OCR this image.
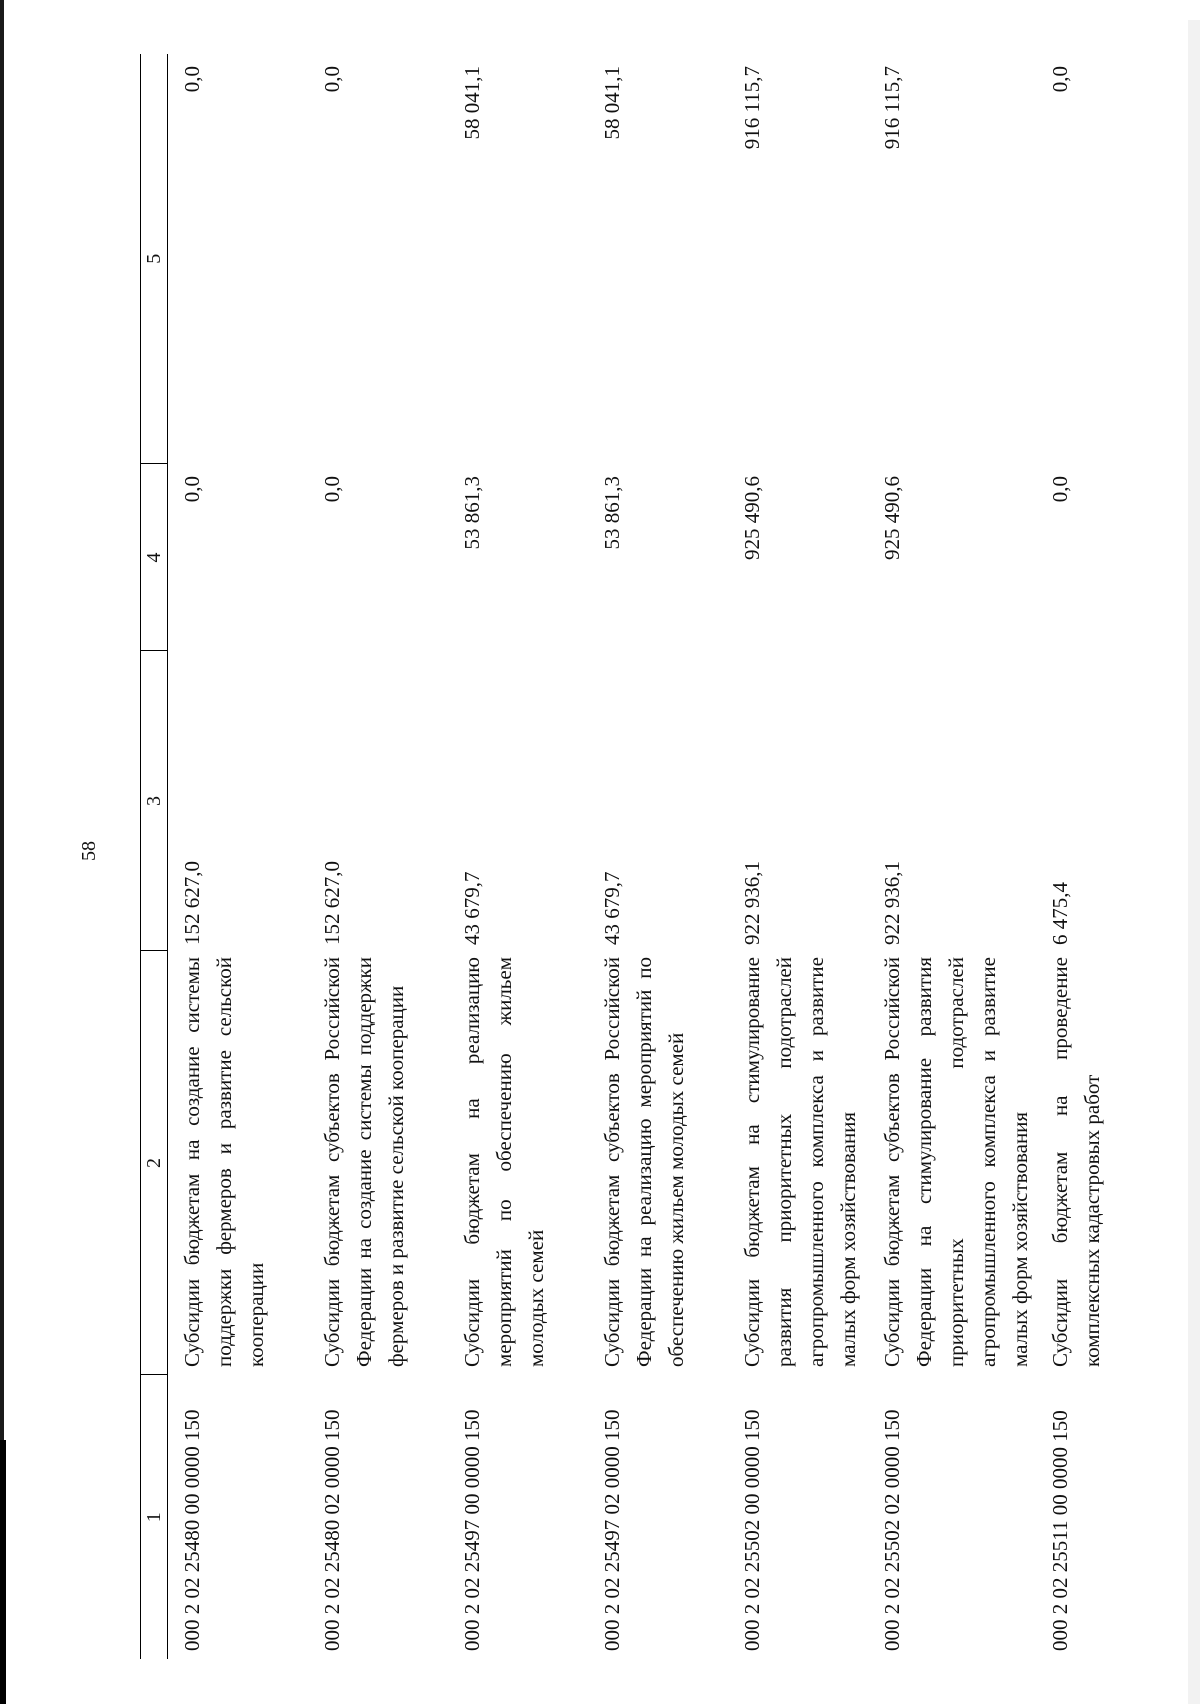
58
1	2	3	4	5
000 2 02 25480 00 0000 150	Субсидии бюджетам на создание системы поддержки фермеров и развитие сельской кооперации	152 627,0	0,0	0,0
000 2 02 25480 02 0000 150	Субсидии бюджетам субъектов Российской Федерации на создание системы поддержки фермеров и развитие сельской кооперации	152 627,0	0,0	0,0
000 2 02 25497 00 0000 150	Субсидии бюджетам на реализацию мероприятий по обеспечению жильем молодых семей	43 679,7	53 861,3	58 041,1
000 2 02 25497 02 0000 150	Субсидии бюджетам субъектов Российской Федерации на реализацию мероприятий по обеспечению жильем молодых семей	43 679,7	53 861,3	58 041,1
000 2 02 25502 00 0000 150	Субсидии бюджетам на стимулирование развития приоритетных подотраслей агропромышленного комплекса и развитие малых форм хозяйствования	922 936,1	925 490,6	916 115,7
000 2 02 25502 02 0000 150	Субсидии бюджетам субъектов Российской Федерации на стимулирование развития приоритетных подотраслей агропромышленного комплекса и развитие малых форм хозяйствования	922 936,1	925 490,6	916 115,7
000 2 02 25511 00 0000 150	Субсидии бюджетам на проведение комплексных кадастровых работ	6 475,4	0,0	0,0
